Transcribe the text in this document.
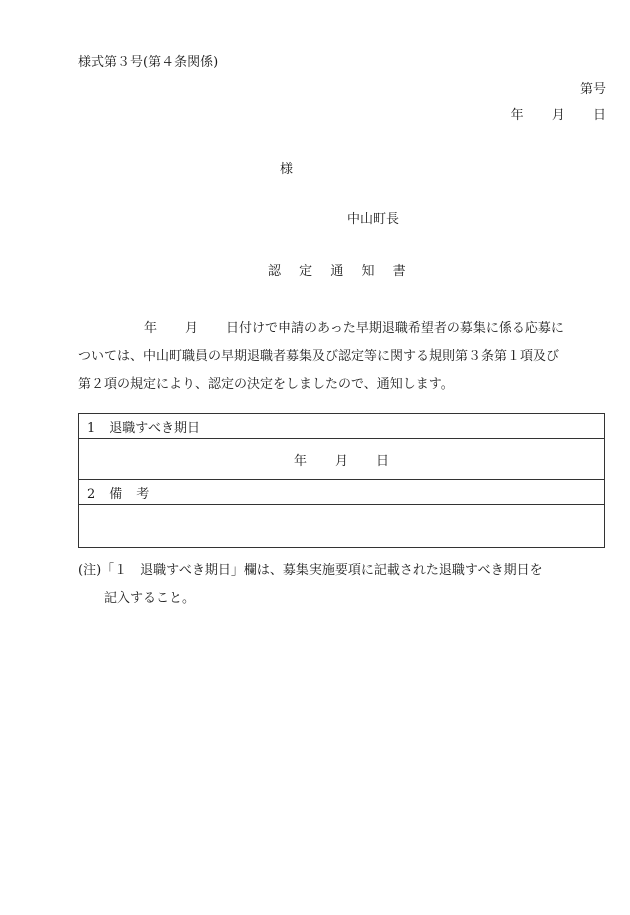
様式第３号(第４条関係)
第号
年 月 日
様
中山町長
認 定 通 知 書
年 月 日付けで申請のあった早期退職希望者の募集に係る応募に
ついては、中山町職員の早期退職者募集及び認定等に関する規則第３条第１項及び
第２項の規定により、認定の決定をしましたので、通知します。
1 退職すべき期日
年 月 日
2 備 考

(注)「１　退職すべき期日」欄は、募集実施要項に記載された退職すべき期日を
記入すること。
